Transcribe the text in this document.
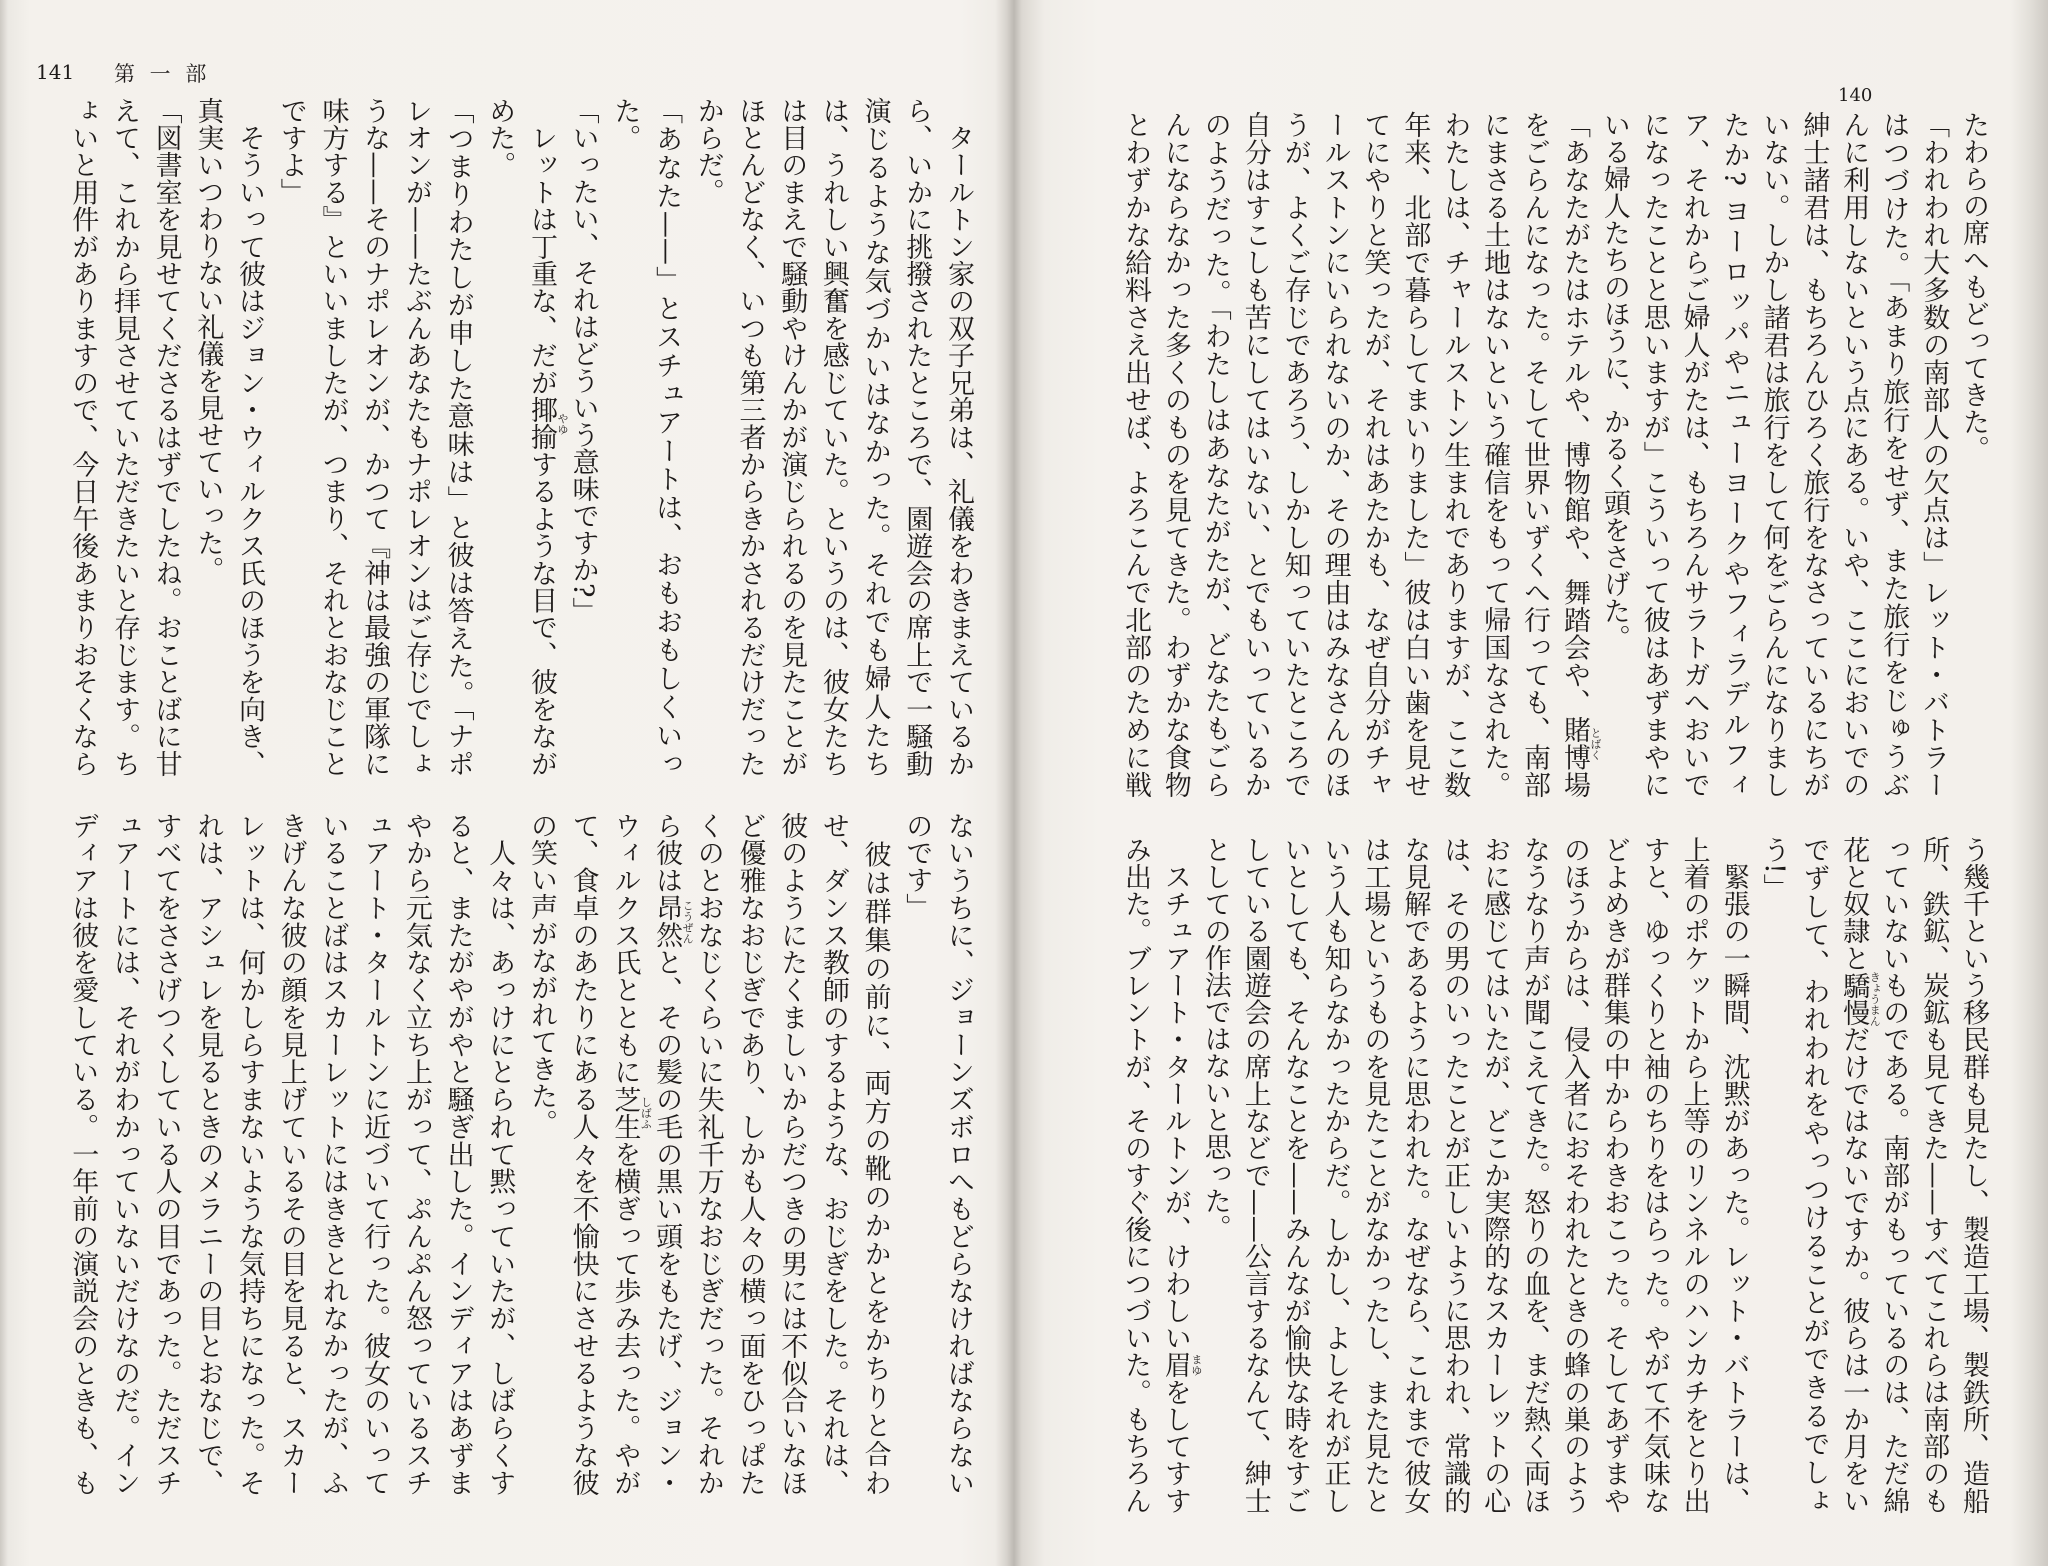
141 第 一 部
　タールトン家の双子兄弟は、礼儀をわきまえているか
ら、いかに挑撥されたところで、園遊会の席上で一騒動
演じるような気づかいはなかった。それでも婦人たち
は、うれしい興奮を感じていた。というのは、彼女たち
は目のまえで騒動やけんかが演じられるのを見たことが
ほとんどなく、いつも第三者からきかされるだけだった
からだ。
「あなた——」とスチュアートは、おもおもしくいっ
た。
「いったい、それはどういう意味ですか?」
　レットは丁重な、だが揶揄 やゆ
するような目で、彼をなが
めた。
「つまりわたしが申した意味は」と彼は答えた。「ナポ
レオンが——たぶんあなたもナポレオンはご存じでしょ
うな——そのナポレオンが、かつて『神は最強の軍隊に
味方する』といいましたが、つまり、それとおなじこと
ですよ」
　そういって彼はジョン・ウィルクス氏のほうを向き、
真実いつわりない礼儀を見せていった。
「図書室を見せてくださるはずでしたね。おことばに甘
えて、これから拝見させていただきたいと存じます。ち
ょいと用件がありますので、今日午後あまりおそくなら
ないうちに、ジョーンズボロへもどらなければならない
のです」
　彼は群集の前に、両方の靴のかかとをかちりと合わ
せ、ダンス教師のするような、おじぎをした。それは、
彼のようにたくましいからだつきの男には不似合いなほ
ど優雅なおじぎであり、しかも人々の横っ面をひっぱた
くのとおなじくらいに失礼千万なおじぎだった。それか
ら彼は昂然 こうぜん
と、その髪の毛の黒い頭をもたげ、ジョン・
ウィルクス氏とともに芝生 しばふ
を横ぎって歩み去った。やが
て、食卓のあたりにある人々を不愉快にさせるような彼
の笑い声がながれてきた。
　人々は、あっけにとられて黙っていたが、しばらくす
ると、またがやがやと騒ぎ出した。インディアはあずま
やから元気なく立ち上がって、ぷんぷん怒っているスチ
ュアート・タールトンに近づいて行った。彼女のいって
いることばはスカーレットにはききとれなかったが、ふ
きげんな彼の顔を見上げているその目を見ると、スカー
レットは、何かしらすまないような気持ちになった。そ
れは、アシュレを見るときのメラニーの目とおなじで、
すべてをささげつくしている人の目であった。ただスチ
ュアートには、それがわかっていないだけなのだ。イン
ディアは彼を愛している。一年前の演説会のときも、も
140
たわらの席へもどってきた。
「われわれ大多数の南部人の欠点は」レット・バトラー
はつづけた。「あまり旅行をせず、また旅行をじゅうぶ
んに利用しないという点にある。いや、ここにおいでの
紳士諸君は、もちろんひろく旅行をなさっているにちが
いない。しかし諸君は旅行をして何をごらんになりまし
たか? ヨーロッパやニューヨークやフィラデルフィ
ア、それからご婦人がたは、もちろんサラトガへおいで
になったことと思いますが」こういって彼はあずまやに
いる婦人たちのほうに、かるく頭をさげた。
「あなたがたはホテルや、博物館や、舞踏会や、賭博 とばく
場
をごらんになった。そして世界いずくへ行っても、南部
にまさる土地はないという確信をもって帰国なされた。
わたしは、チャールストン生まれでありますが、ここ数
年来、北部で暮らしてまいりました」彼は白い歯を見せ
てにやりと笑ったが、それはあたかも、なぜ自分がチャ
ールストンにいられないのか、その理由はみなさんのほ
うが、よくご存じであろう、しかし知っていたところで
自分はすこしも苦にしてはいない、とでもいっているか
のようだった。「わたしはあなたがたが、どなたもごら
んにならなかった多くのものを見てきた。わずかな食物
とわずかな給料さえ出せば、よろこんで北部のために戦
う幾千という移民群も見たし、製造工場、製鉄所、造船
所、鉄鉱、炭鉱も見てきた——すべてこれらは南部のも
っていないものである。南部がもっているのは、ただ綿
花と奴隷と驕慢 きょうまん
だけではないですか。彼らは一か月をい
でずして、われわれをやっつけることができるでしょ
う!」
　緊張の一瞬間、沈黙があった。レット・バトラーは、
上着のポケットから上等のリンネルのハンカチをとり出
すと、ゆっくりと袖のちりをはらった。やがて不気味な
どよめきが群集の中からわきおこった。そしてあずまや
のほうからは、侵入者におそわれたときの蜂の巣のよう
なうなり声が聞こえてきた。怒りの血を、まだ熱く両ほ
おに感じてはいたが、どこか実際的なスカーレットの心
は、その男のいったことが正しいように思われ、常識的
な見解であるように思われた。なぜなら、これまで彼女
は工場というものを見たことがなかったし、また見たと
いう人も知らなかったからだ。しかし、よしそれが正し
いとしても、そんなことを——みんなが愉快な時をすご
している園遊会の席上などで——公言するなんて、紳士
としての作法ではないと思った。
　スチュアート・タールトンが、けわしい眉 まゆ
をしてすす
み出た。ブレントが、そのすぐ後につづいた。もちろん
